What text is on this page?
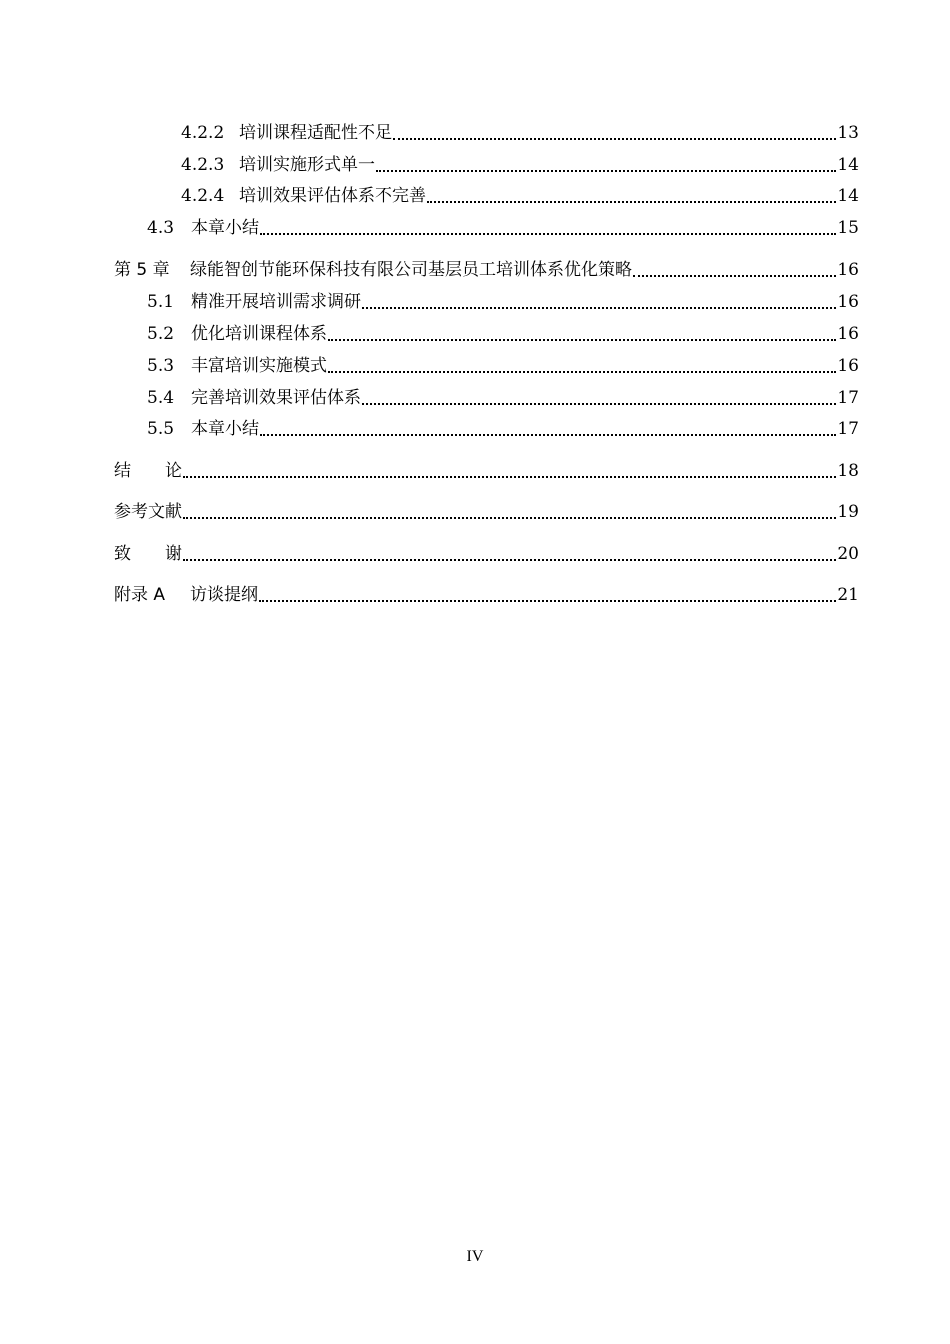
4.2.2 培训课程适配性不足	13
4.2.3 培训实施形式单一	14
4.2.4 培训效果评估体系不完善	14
4.3 本章小结	15
第 5 章	绿能智创节能环保科技有限公司基层员工培训体系优化策略	16
5.1 精准开展培训需求调研	16
5.2 优化培训课程体系	16
5.3 丰富培训实施模式	16
5.4 完善培训效果评估体系	17
5.5 本章小结	17
结　　论	18
参考文献	19
致　　谢	20
附录 A	访谈提纲	21
IV
